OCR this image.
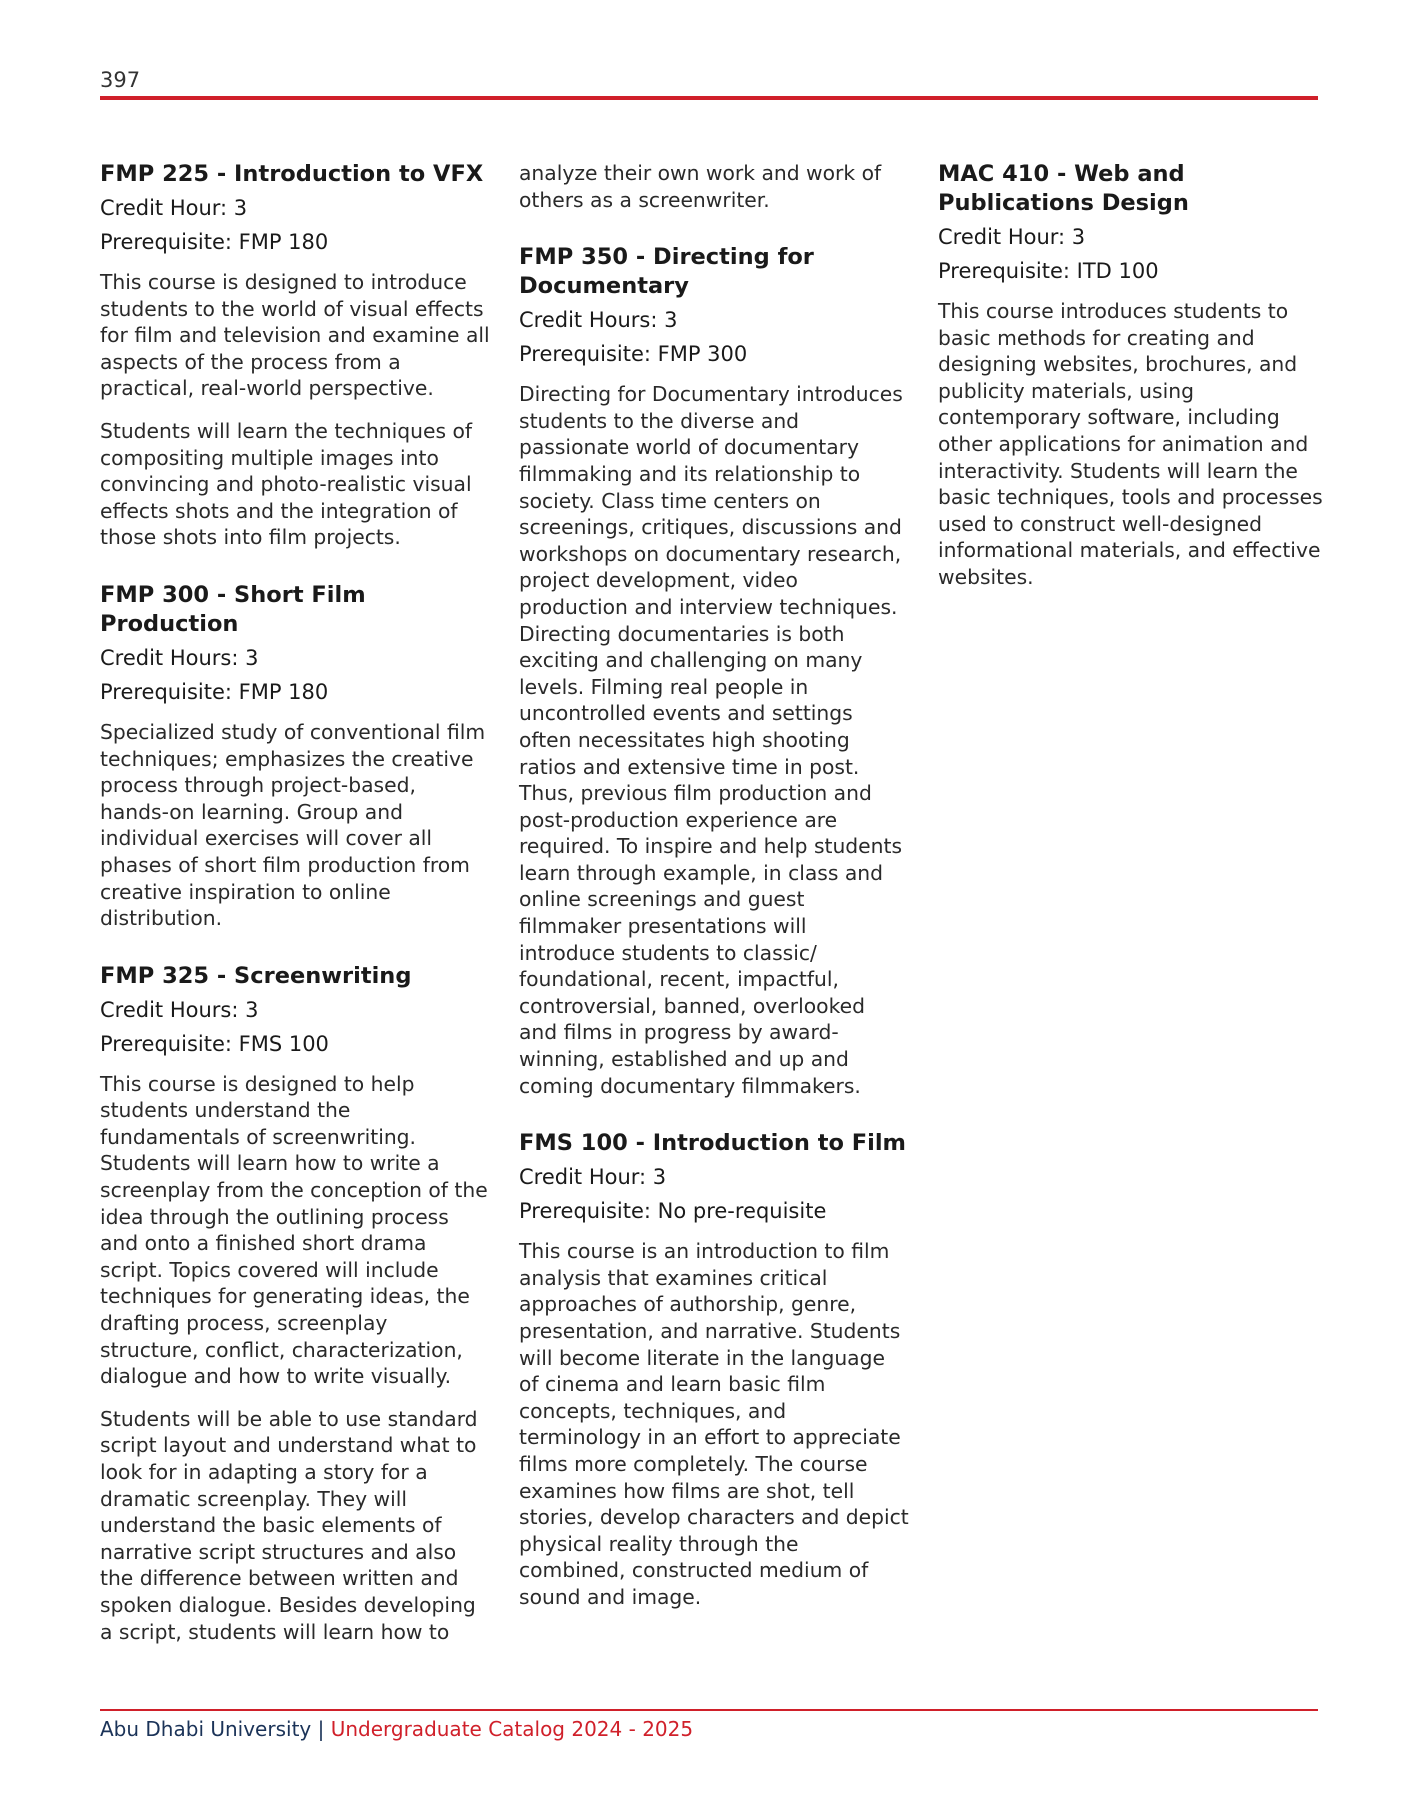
397
FMP 225 - Introduction to VFX
Credit Hour: 3
Prerequisite: FMP 180

This course is designed to introduce students to the world of visual effects for film and television and examine all aspects of the process from a practical, real-world perspective.

Students will learn the techniques of compositing multiple images into convincing and photo-realistic visual effects shots and the integration of those shots into film projects.

FMP 300 - Short Film Production
Credit Hours: 3
Prerequisite: FMP 180

Specialized study of conventional film techniques; emphasizes the creative process through project-based, hands-on learning. Group and individual exercises will cover all phases of short film production from creative inspiration to online distribution.

FMP 325 - Screenwriting
Credit Hours: 3
Prerequisite: FMS 100

This course is designed to help students understand the fundamentals of screenwriting. Students will learn how to write a screenplay from the conception of the idea through the outlining process and onto a finished short drama script. Topics covered will include techniques for generating ideas, the drafting process, screenplay structure, conflict, characterization, dialogue and how to write visually.

Students will be able to use standard script layout and understand what to look for in adapting a story for a dramatic screenplay. They will understand the basic elements of narrative script structures and also the difference between written and spoken dialogue. Besides developing a script, students will learn how to

analyze their own work and work of others as a screenwriter.

FMP 350 - Directing for Documentary
Credit Hours: 3
Prerequisite: FMP 300

Directing for Documentary introduces students to the diverse and passionate world of documentary filmmaking and its relationship to society. Class time centers on screenings, critiques, discussions and workshops on documentary research, project development, video production and interview techniques. Directing documentaries is both exciting and challenging on many levels. Filming real people in uncontrolled events and settings often necessitates high shooting ratios and extensive time in post. Thus, previous film production and post-production experience are required. To inspire and help students learn through example, in class and online screenings and guest filmmaker presentations will introduce students to classic/ foundational, recent, impactful, controversial, banned, overlooked and films in progress by award-winning, established and up and coming documentary filmmakers.

FMS 100 - Introduction to Film
Credit Hour: 3
Prerequisite: No pre-requisite

This course is an introduction to film analysis that examines critical approaches of authorship, genre, presentation, and narrative. Students will become literate in the language of cinema and learn basic film concepts, techniques, and terminology in an effort to appreciate films more completely. The course examines how films are shot, tell stories, develop characters and depict physical reality through the combined, constructed medium of sound and image.

MAC 410 - Web and Publications Design
Credit Hour: 3
Prerequisite: ITD 100

This course introduces students to basic methods for creating and designing websites, brochures, and publicity materials, using contemporary software, including other applications for animation and interactivity. Students will learn the basic techniques, tools and processes used to construct well-designed informational materials, and effective websites.

Abu Dhabi University | Undergraduate Catalog 2024 - 2025
